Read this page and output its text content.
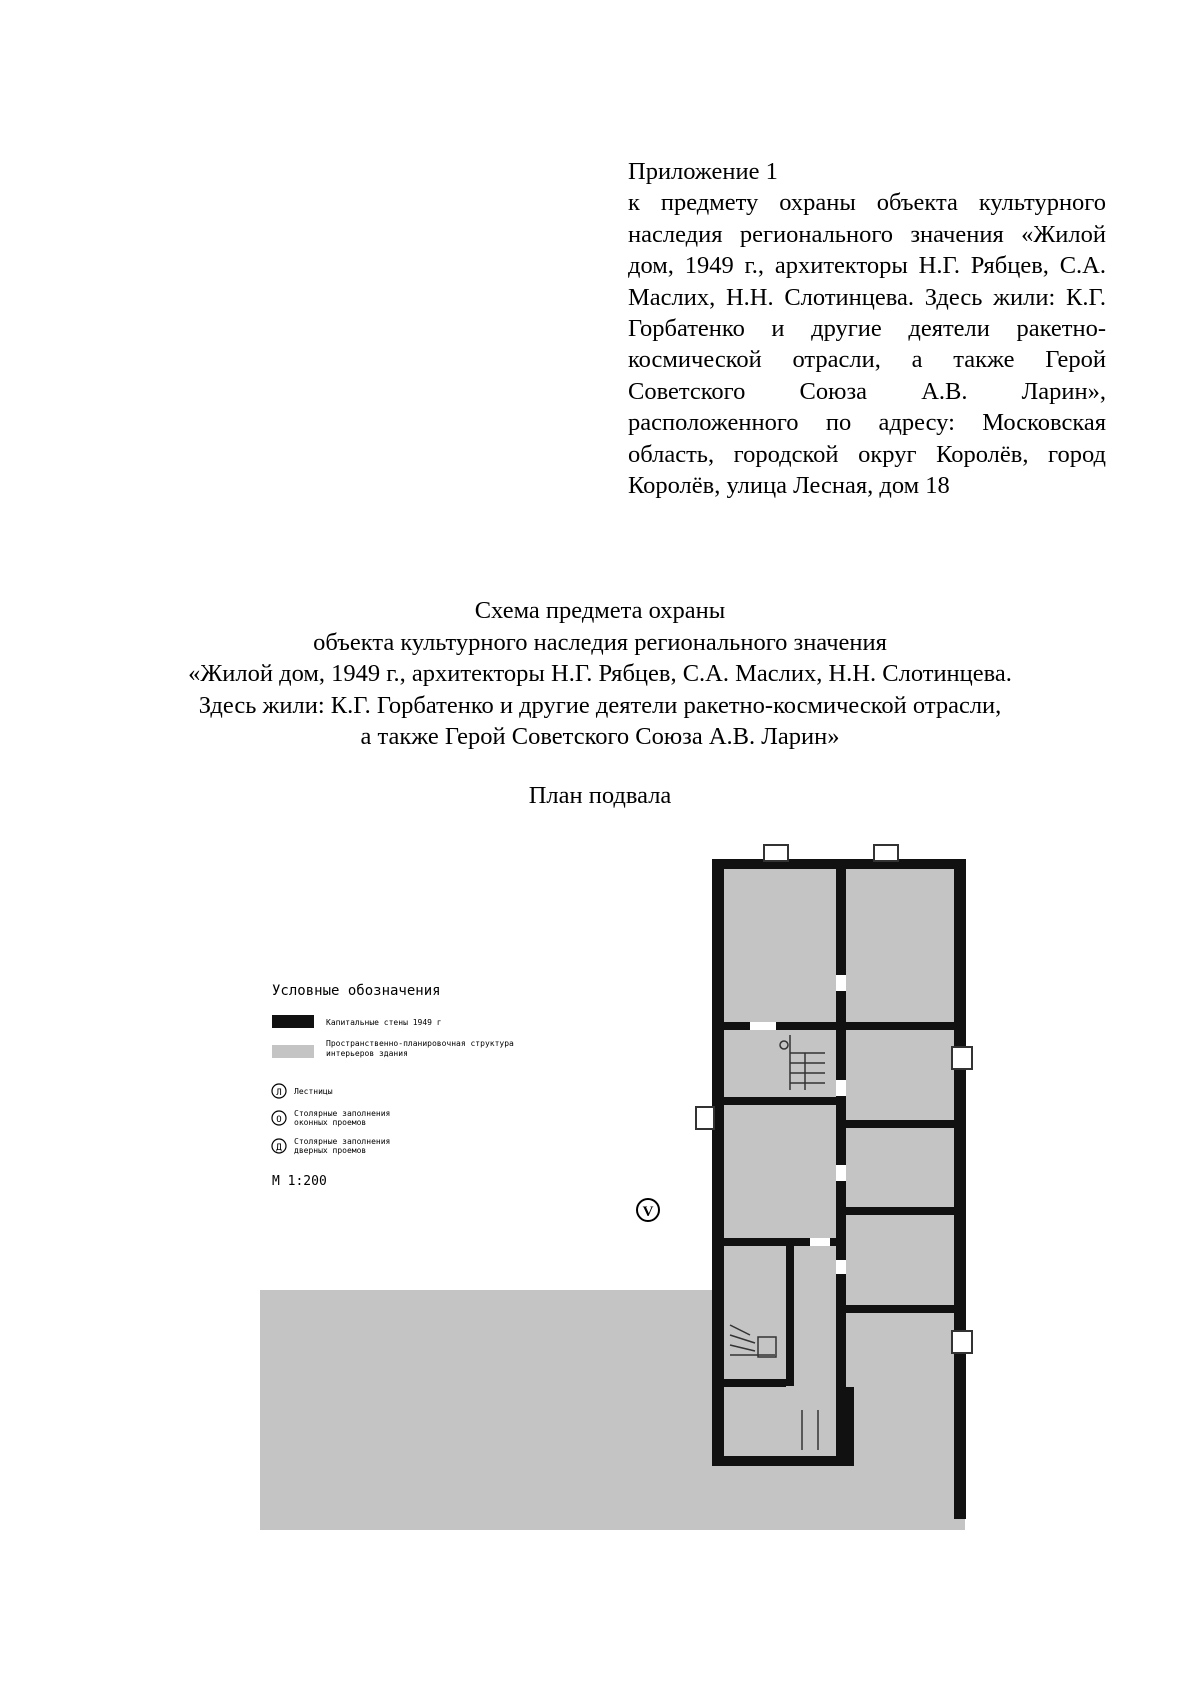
Приложение 1
к предмету охраны объекта культурного наследия регионального значения «Жилой дом, 1949 г., архитекторы Н.Г. Рябцев, С.А. Маслих, Н.Н. Слотинцева. Здесь жили: К.Г. Горбатенко и другие деятели ракетно-космической отрасли, а также Герой Советского Союза А.В. Ларин», расположенного по адресу: Московская область, городской округ Королёв, город Королёв, улица Лесная, дом 18
Схема предмета охраны
объекта культурного наследия регионального значения
«Жилой дом, 1949 г., архитекторы Н.Г. Рябцев, С.А. Маслих, Н.Н. Слотинцева.
Здесь жили: К.Г. Горбатенко и другие деятели ракетно-космической отрасли,
а также Герой Советского Союза А.В. Ларин»
План подвала
Условные обозначения
Капитальные стены 1949 г
Пространственно-планировочная структура
интерьеров здания
Л Лестницы
О
Столярные заполнения
оконных проемов
Д
Столярные заполнения
дверных проемов
М 1:200
V
